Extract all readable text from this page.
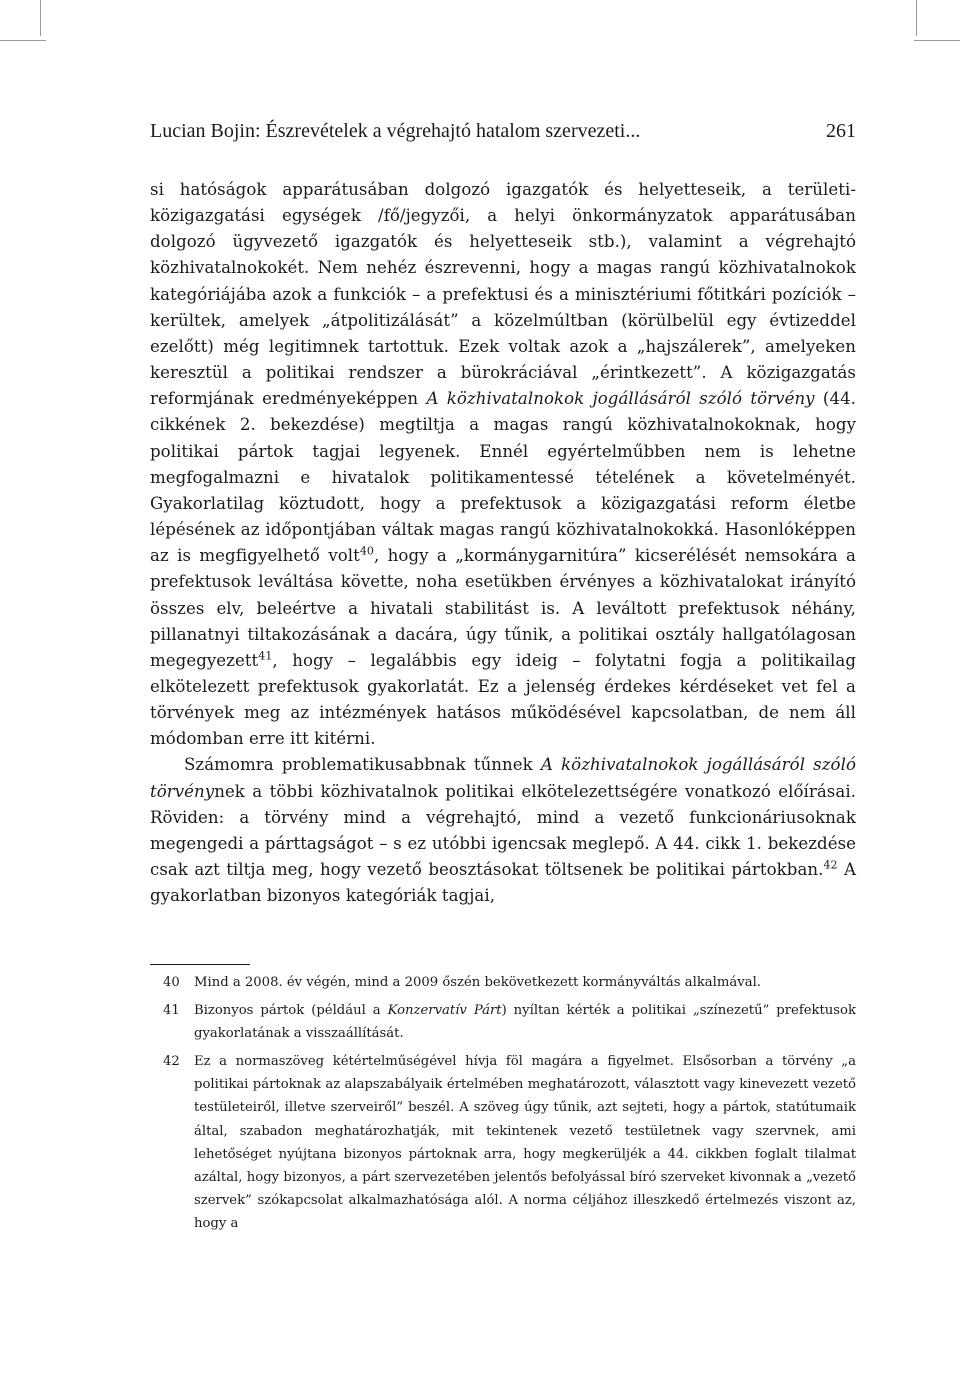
Lucian Bojin: Észrevételek a végrehajtó hatalom szervezeti...	261

si hatóságok apparátusában dolgozó igazgatók és helyetteseik, a területi-közigazgatási egységek /fő/jegyzői, a helyi önkormányzatok apparátusában dolgozó ügyvezető igazgatók és helyetteseik stb.), valamint a végrehajtó közhivatalnokokét. Nem nehéz észrevenni, hogy a magas rangú közhivatalnokok kategóriájába azok a funkciók – a prefektusi és a minisztériumi főtitkári pozíciók – kerültek, amelyek „átpolitizálását” a közelmúltban (körülbelül egy évtizeddel ezelőtt) még legitimnek tartottuk. Ezek voltak azok a „hajszálerek”, amelyeken keresztül a politikai rendszer a bürokráciával „érintkezett”. A közigazgatás reformjának eredményeképpen A közhivatalnokok jogállásáról szóló törvény (44. cikkének 2. bekezdése) megtiltja a magas rangú közhivatalnokoknak, hogy politikai pártok tagjai legyenek. Ennél egyértelműbben nem is lehetne megfogalmazni e hivatalok politikamentessé tételének a követelményét. Gyakorlatilag köztudott, hogy a prefektusok a közigazgatási reform életbe lépésének az időpontjában váltak magas rangú közhivatalnokokká. Hasonlóképpen az is megfigyelhető volt$^{40}$, hogy a „kormánygarnitúra” kicserélését nemsokára a prefektusok leváltása követte, noha esetükben érvényes a közhivatalokat irányító összes elv, beleértve a hivatali stabilitást is. A leváltott prefektusok néhány, pillanatnyi tiltakozásának a dacára, úgy tűnik, a politikai osztály hallgatólagosan megegyezett$^{41}$, hogy – legalábbis egy ideig – folytatni fogja a politikailag elkötelezett prefektusok gyakorlatát. Ez a jelenség érdekes kérdéseket vet fel a törvények meg az intézmények hatásos működésével kapcsolatban, de nem áll módomban erre itt kitérni.

Számomra problematikusabbnak tűnnek A közhivatalnokok jogállásáról szóló törvénynek a többi közhivatalnok politikai elkötelezettségére vonatkozó előírásai. Röviden: a törvény mind a végrehajtó, mind a vezető funkcionáriusoknak megengedi a párttagságot – s ez utóbbi igencsak meglepő. A 44. cikk 1. bekezdése csak azt tiltja meg, hogy vezető beosztásokat töltsenek be politikai pártokban.$^{42}$ A gyakorlatban bizonyos kategóriák tagjai,

40	Mind a 2008. év végén, mind a 2009 őszén bekövetkezett kormányváltás alkalmával.
41	Bizonyos pártok (például a Konzervatív Párt) nyíltan kérték a politikai „színezetű” prefektusok gyakorlatának a visszaállítását.
42	Ez a normaszöveg kétértelműségével hívja föl magára a figyelmet. Elsősorban a törvény „a politikai pártoknak az alapszabályaik értelmében meghatározott, választott vagy kinevezett vezető testületeiről, illetve szerveiről” beszél. A szöveg úgy tűnik, azt sejteti, hogy a pártok, statútumaik által, szabadon meghatározhatják, mit tekintenek vezető testületnek vagy szervnek, ami lehetőséget nyújtana bizonyos pártoknak arra, hogy megkerüljék a 44. cikkben foglalt tilalmat azáltal, hogy bizonyos, a párt szervezetében jelentős befolyással bíró szerveket kivonnak a „vezető szervek” szókapcsolat alkalmazhatósága alól. A norma céljához illeszkedő értelmezés viszont az, hogy a
